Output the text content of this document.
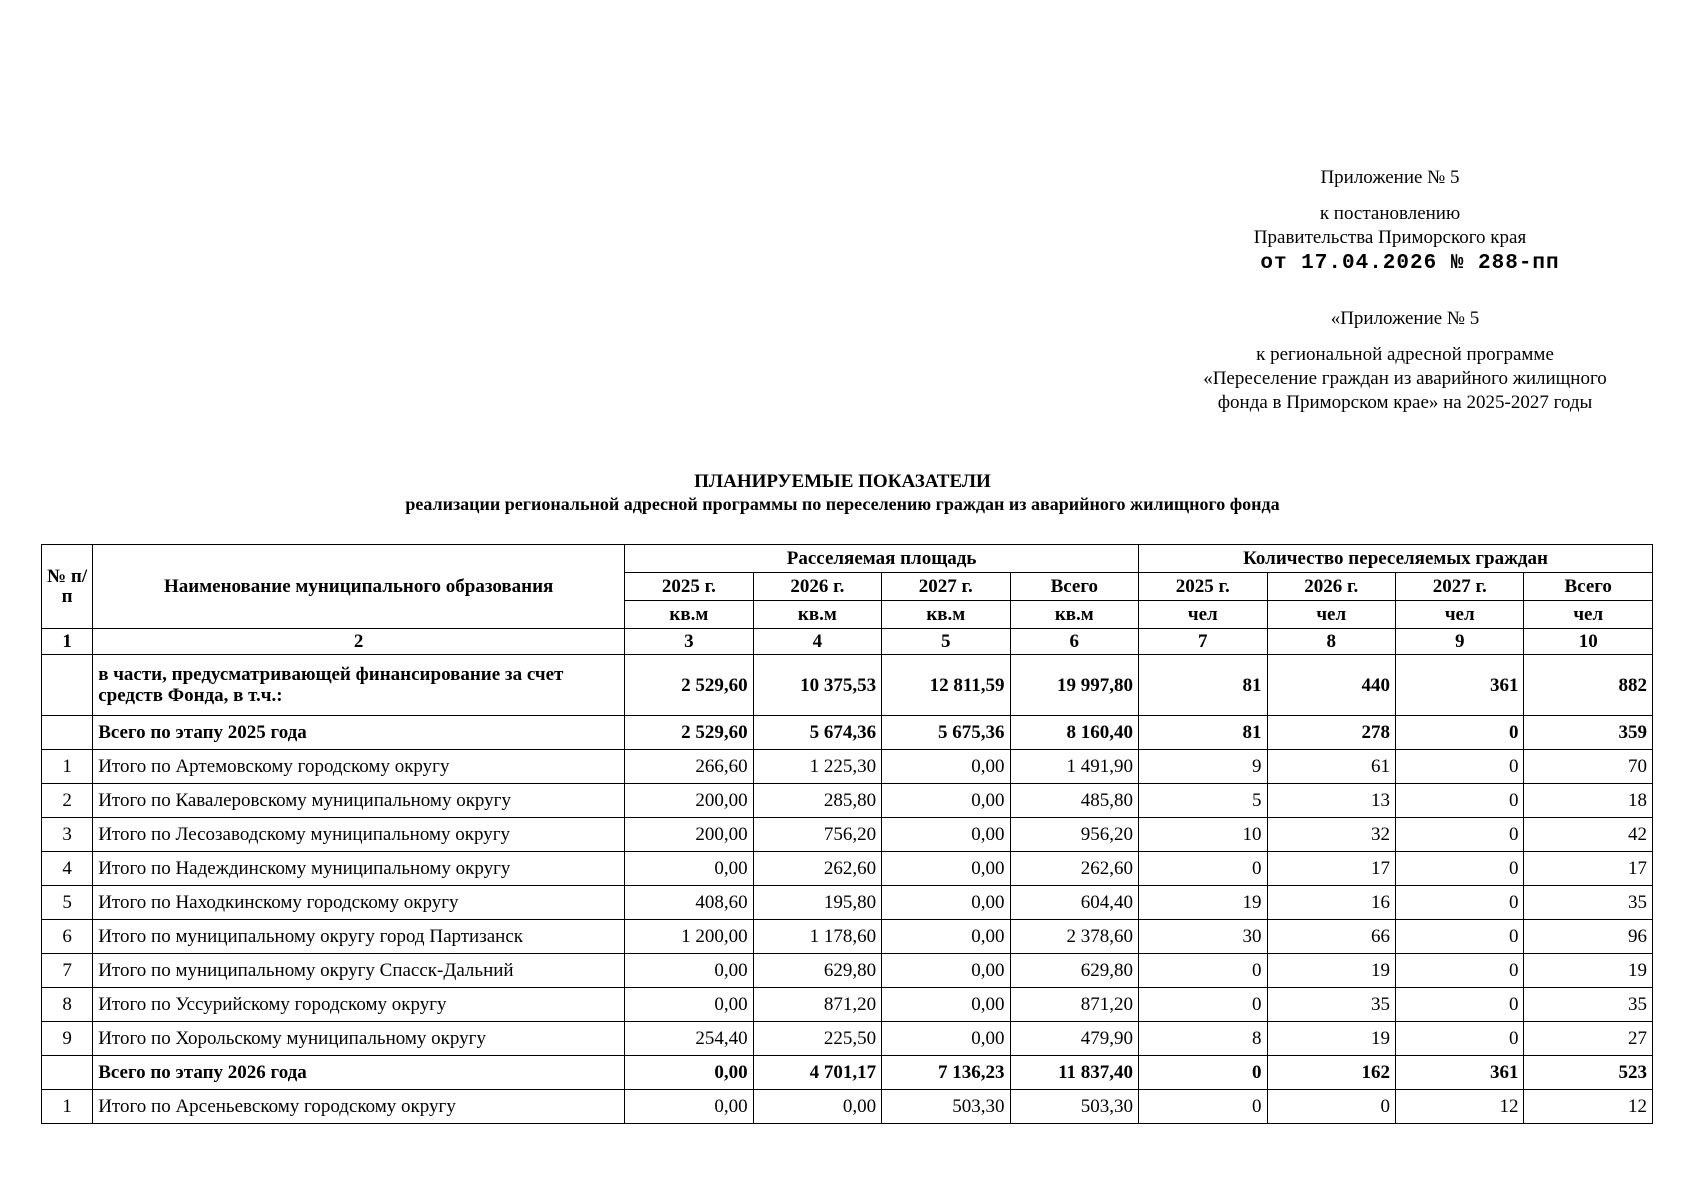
Приложение № 5
к постановлению
Правительства Приморского края
от 17.04.2026 № 288-пп
«Приложение № 5
к региональной адресной программе
«Переселение граждан из аварийного жилищного
фонда в Приморском крае» на 2025-2027 годы
ПЛАНИРУЕМЫЕ ПОКАЗАТЕЛИ
реализации региональной адресной программы по переселению граждан из аварийного жилищного фонда
№ п/п	Наименование муниципального образования	Расселяемая площадь				Количество переселяемых граждан			
		2025 г.	2026 г.	2027 г.	Всего	2025 г.	2026 г.	2027 г.	Всего
		кв.м	кв.м	кв.м	кв.м	чел	чел	чел	чел
1	2	3	4	5	6	7	8	9	10
	в части, предусматривающей финансирование за счет средств Фонда, в т.ч.:	2 529,60	10 375,53	12 811,59	19 997,80	81	440	361	882
	Всего по этапу 2025 года	2 529,60	5 674,36	5 675,36	8 160,40	81	278	0	359
1	Итого по Артемовскому городскому округу	266,60	1 225,30	0,00	1 491,90	9	61	0	70
2	Итого по Кавалеровскому муниципальному округу	200,00	285,80	0,00	485,80	5	13	0	18
3	Итого по Лесозаводскому муниципальному округу	200,00	756,20	0,00	956,20	10	32	0	42
4	Итого по Надеждинскому муниципальному округу	0,00	262,60	0,00	262,60	0	17	0	17
5	Итого по Находкинскому городскому округу	408,60	195,80	0,00	604,40	19	16	0	35
6	Итого по муниципальному округу город Партизанск	1 200,00	1 178,60	0,00	2 378,60	30	66	0	96
7	Итого по муниципальному округу Спасск-Дальний	0,00	629,80	0,00	629,80	0	19	0	19
8	Итого по Уссурийскому городскому округу	0,00	871,20	0,00	871,20	0	35	0	35
9	Итого по Хорольскому муниципальному округу	254,40	225,50	0,00	479,90	8	19	0	27
	Всего по этапу 2026 года	0,00	4 701,17	7 136,23	11 837,40	0	162	361	523
1	Итого по Арсеньевскому городскому округу	0,00	0,00	503,30	503,30	0	0	12	12
